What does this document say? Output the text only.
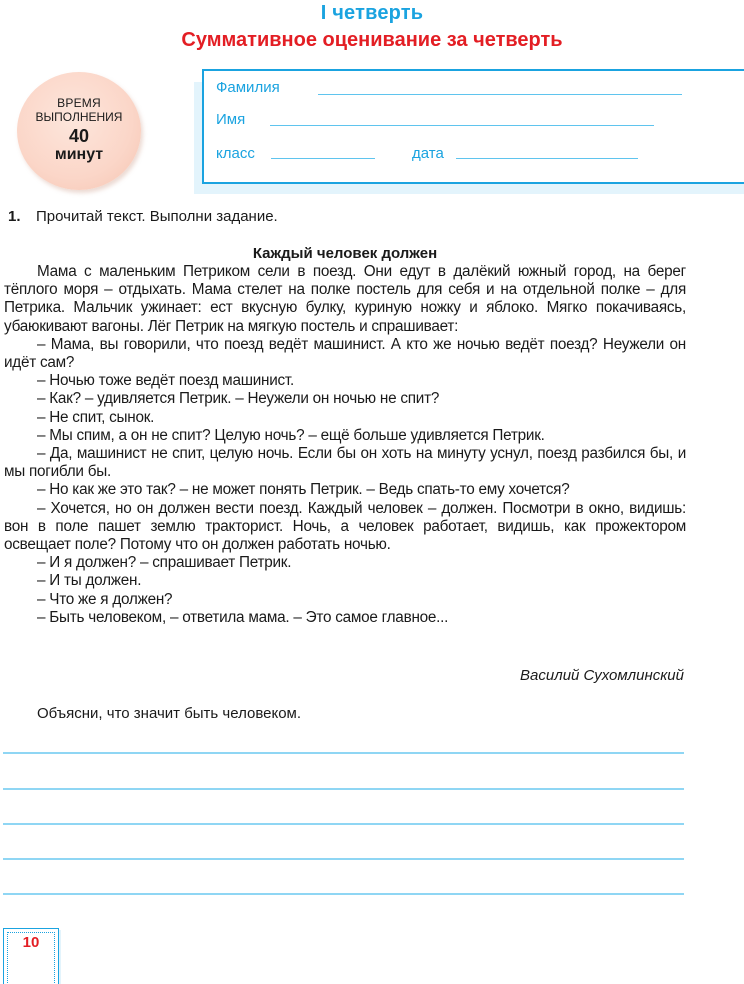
I четверть
Суммативное оценивание за четверть
ВРЕМЯ
ВЫПОЛНЕНИЯ
40
минут
Фамилия
Имя
класс	дата
1. Прочитай текст. Выполни задание.
Каждый человек должен

Мама с маленьким Петриком сели в поезд. Они едут в далёкий южный город, на берег тёплого моря – отдыхать. Мама стелет на полке постель для себя и на отдельной полке – для Петрика. Мальчик ужинает: ест вкусную булку, куриную ножку и яблоко. Мягко покачиваясь, убаюкивают вагоны. Лёг Петрик на мягкую постель и спрашивает:

– Мама, вы говорили, что поезд ведёт машинист. А кто же ночью ведёт поезд? Неужели он идёт сам?

– Ночью тоже ведёт поезд машинист.

– Как? – удивляется Петрик. – Неужели он ночью не спит?

– Не спит, сынок.

– Мы спим, а он не спит? Целую ночь? – ещё больше удивляется Петрик.

– Да, машинист не спит, целую ночь. Если бы он хоть на минуту уснул, поезд разбился бы, и мы погибли бы.

– Но как же это так? – не может понять Петрик. – Ведь спать-то ему хочется?

– Хочется, но он должен вести поезд. Каждый человек – должен. Посмотри в окно, видишь: вон в поле пашет землю тракторист. Ночь, а человек работает, видишь, как прожектором освещает поле? Потому что он должен работать ночью.

– И я должен? – спрашивает Петрик.

– И ты должен.

– Что же я должен?

– Быть человеком, – ответила мама. – Это самое главное...

Василий Сухомлинский
Объясни, что значит быть человеком.
10
